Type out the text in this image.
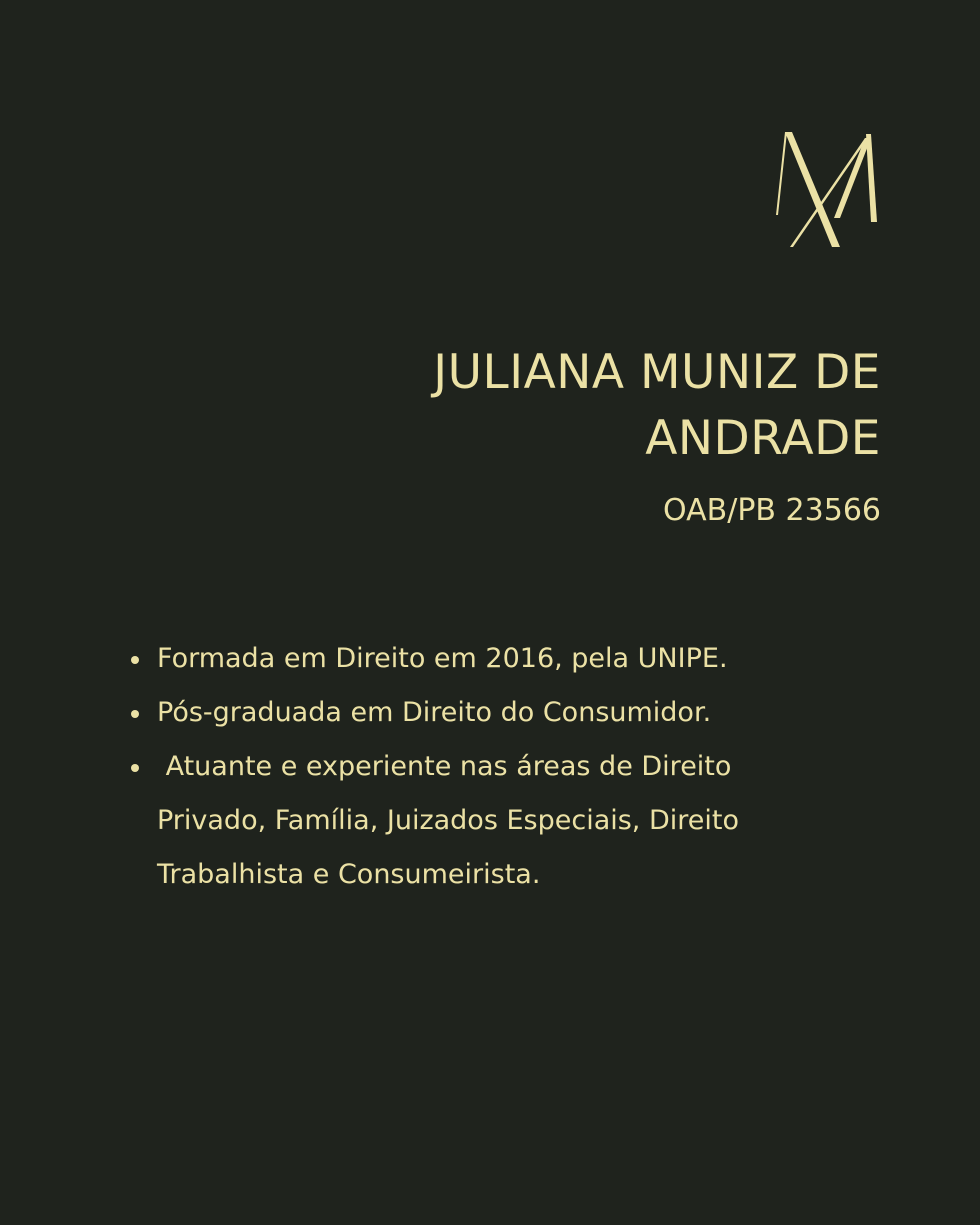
JULIANA MUNIZ DE
ANDRADE

OAB/PB 23566

Formada em Direito em 2016, pela UNIPE.
Pós-graduada em Direito do Consumidor.
Atuante e experiente nas áreas de Direito Privado, Família, Juizados Especiais, Direito Trabalhista e Consumeirista.
